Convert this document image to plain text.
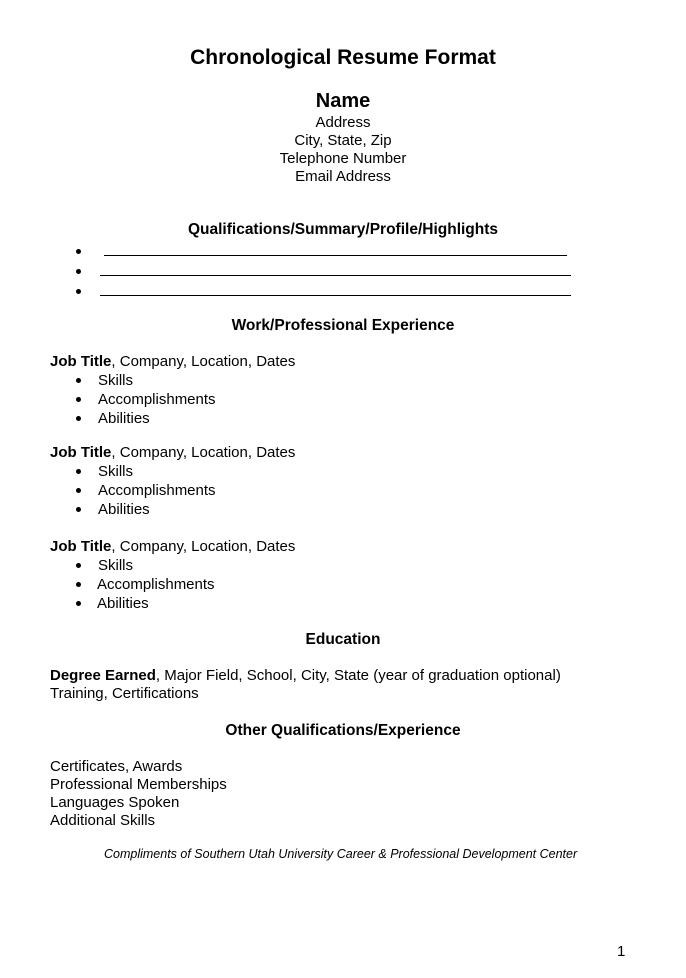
Chronological Resume Format
Name
Address
City, State, Zip
Telephone Number
Email Address
Qualifications/Summary/Profile/Highlights
Work/Professional Experience
Job Title, Company, Location, Dates
Skills
Accomplishments
Abilities
Job Title, Company, Location, Dates
Skills
Accomplishments
Abilities
Job Title, Company, Location, Dates
Skills
Accomplishments
Abilities
Education
Degree Earned, Major Field, School, City, State (year of graduation optional)
Training, Certifications
Other Qualifications/Experience
Certificates, Awards
Professional Memberships
Languages Spoken
Additional Skills
Compliments of Southern Utah University Career & Professional Development Center
1
